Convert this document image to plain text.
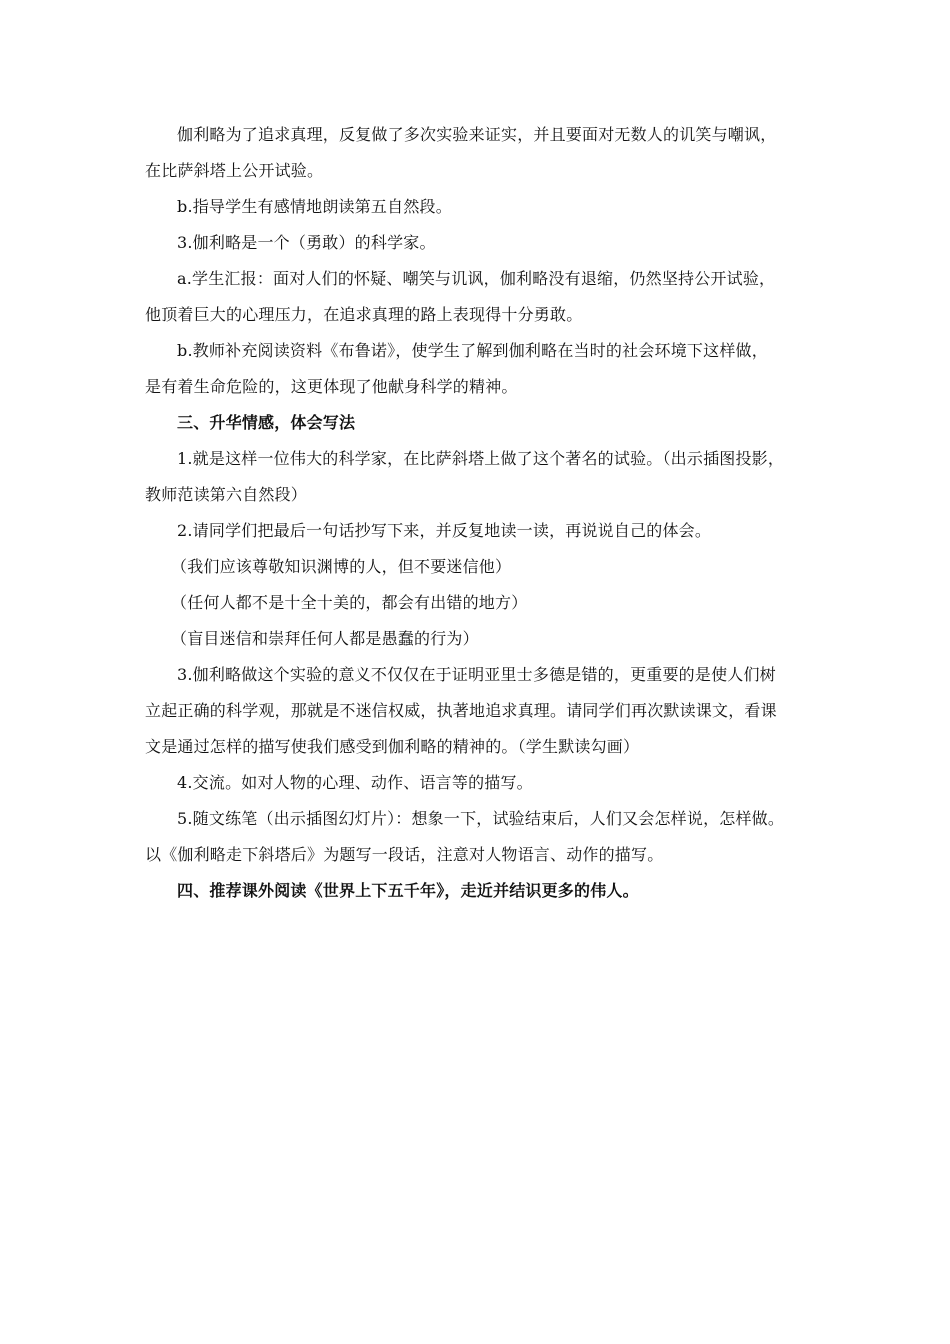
伽利略为了追求真理，反复做了多次实验来证实，并且要面对无数人的讥笑与嘲讽，

在比萨斜塔上公开试验。

b.指导学生有感情地朗读第五自然段。

3.伽利略是一个（勇敢）的科学家。

a.学生汇报：面对人们的怀疑、嘲笑与讥讽，伽利略没有退缩，仍然坚持公开试验，

他顶着巨大的心理压力，在追求真理的路上表现得十分勇敢。

b.教师补充阅读资料《布鲁诺》，使学生了解到伽利略在当时的社会环境下这样做，

是有着生命危险的，这更体现了他献身科学的精神。

三、升华情感，体会写法

1.就是这样一位伟大的科学家，在比萨斜塔上做了这个著名的试验。（出示插图投影，

教师范读第六自然段）

2.请同学们把最后一句话抄写下来，并反复地读一读，再说说自己的体会。

（我们应该尊敬知识渊博的人，但不要迷信他）

（任何人都不是十全十美的，都会有出错的地方）

（盲目迷信和崇拜任何人都是愚蠢的行为）

3.伽利略做这个实验的意义不仅仅在于证明亚里士多德是错的，更重要的是使人们树

立起正确的科学观，那就是不迷信权威，执著地追求真理。请同学们再次默读课文，看课

文是通过怎样的描写使我们感受到伽利略的精神的。（学生默读勾画）

4.交流。如对人物的心理、动作、语言等的描写。

5.随文练笔（出示插图幻灯片）：想象一下，试验结束后，人们又会怎样说，怎样做。

以《伽利略走下斜塔后》为题写一段话，注意对人物语言、动作的描写。

四、推荐课外阅读《世界上下五千年》，走近并结识更多的伟人。
